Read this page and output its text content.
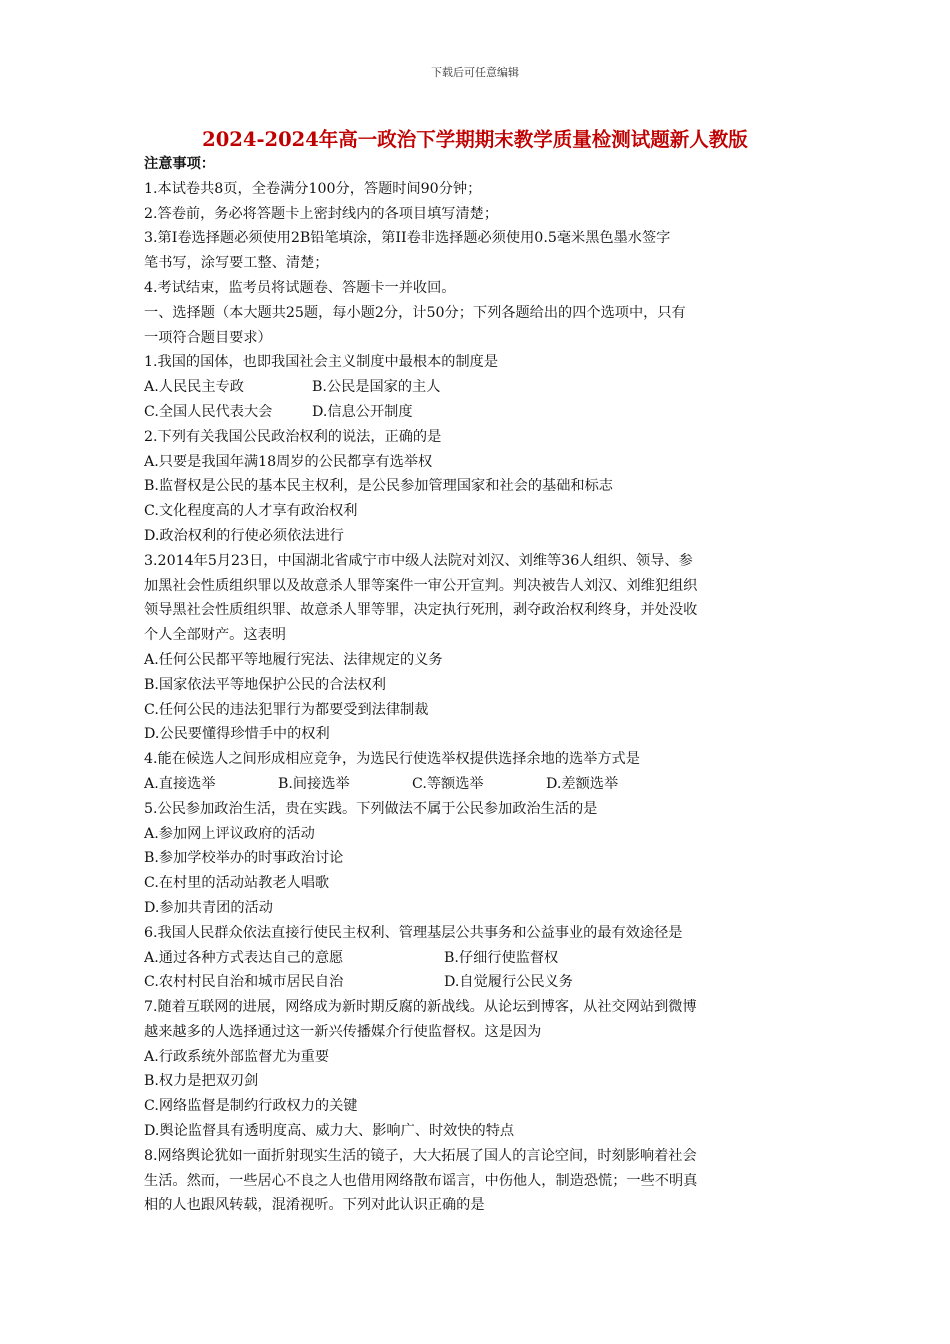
下载后可任意编辑
2024-2024年高一政治下学期期末教学质量检测试题新人教版
注意事项：
1.本试卷共8页，全卷满分100分，答题时间90分钟；
2.答卷前，务必将答题卡上密封线内的各项目填写清楚；
3.第I卷选择题必须使用2B铅笔填涂，第II卷非选择题必须使用0.5毫米黑色墨水签字
笔书写，涂写要工整、清楚；
4.考试结束，监考员将试题卷、答题卡一并收回。
一、选择题（本大题共25题，每小题2分，计50分；下列各题给出的四个选项中，只有
一项符合题目要求）
1.我国的国体，也即我国社会主义制度中最根本的制度是
A.人民民主专政	B.公民是国家的主人
C.全国人民代表大会	D.信息公开制度
2.下列有关我国公民政治权利的说法，正确的是
A.只要是我国年满18周岁的公民都享有选举权
B.监督权是公民的基本民主权利，是公民参加管理国家和社会的基础和标志
C.文化程度高的人才享有政治权利
D.政治权利的行使必须依法进行
3.2014年5月23日，中国湖北省咸宁市中级人法院对刘汉、刘维等36人组织、领导、参
加黑社会性质组织罪以及故意杀人罪等案件一审公开宣判。判决被告人刘汉、刘维犯组织
领导黑社会性质组织罪、故意杀人罪等罪，决定执行死刑，剥夺政治权利终身，并处没收
个人全部财产。这表明
A.任何公民都平等地履行宪法、法律规定的义务
B.国家依法平等地保护公民的合法权利
C.任何公民的违法犯罪行为都要受到法律制裁
D.公民要懂得珍惜手中的权利
4.能在候选人之间形成相应竞争，为选民行使选举权提供选择余地的选举方式是
A.直接选举	B.间接选举	C.等额选举	D.差额选举
5.公民参加政治生活，贵在实践。下列做法不属于公民参加政治生活的是
A.参加网上评议政府的活动
B.参加学校举办的时事政治讨论
C.在村里的活动站教老人唱歌
D.参加共青团的活动
6.我国人民群众依法直接行使民主权利、管理基层公共事务和公益事业的最有效途径是
A.通过各种方式表达自己的意愿	B.仔细行使监督权
C.农村村民自治和城市居民自治	D.自觉履行公民义务
7.随着互联网的进展，网络成为新时期反腐的新战线。从论坛到博客，从社交网站到微博
越来越多的人选择通过这一新兴传播媒介行使监督权。这是因为
A.行政系统外部监督尤为重要
B.权力是把双刃剑
C.网络监督是制约行政权力的关键
D.舆论监督具有透明度高、威力大、影响广、时效快的特点
8.网络舆论犹如一面折射现实生活的镜子，大大拓展了国人的言论空间，时刻影响着社会
生活。然而，一些居心不良之人也借用网络散布谣言，中伤他人，制造恐慌；一些不明真
相的人也跟风转载，混淆视听。下列对此认识正确的是
